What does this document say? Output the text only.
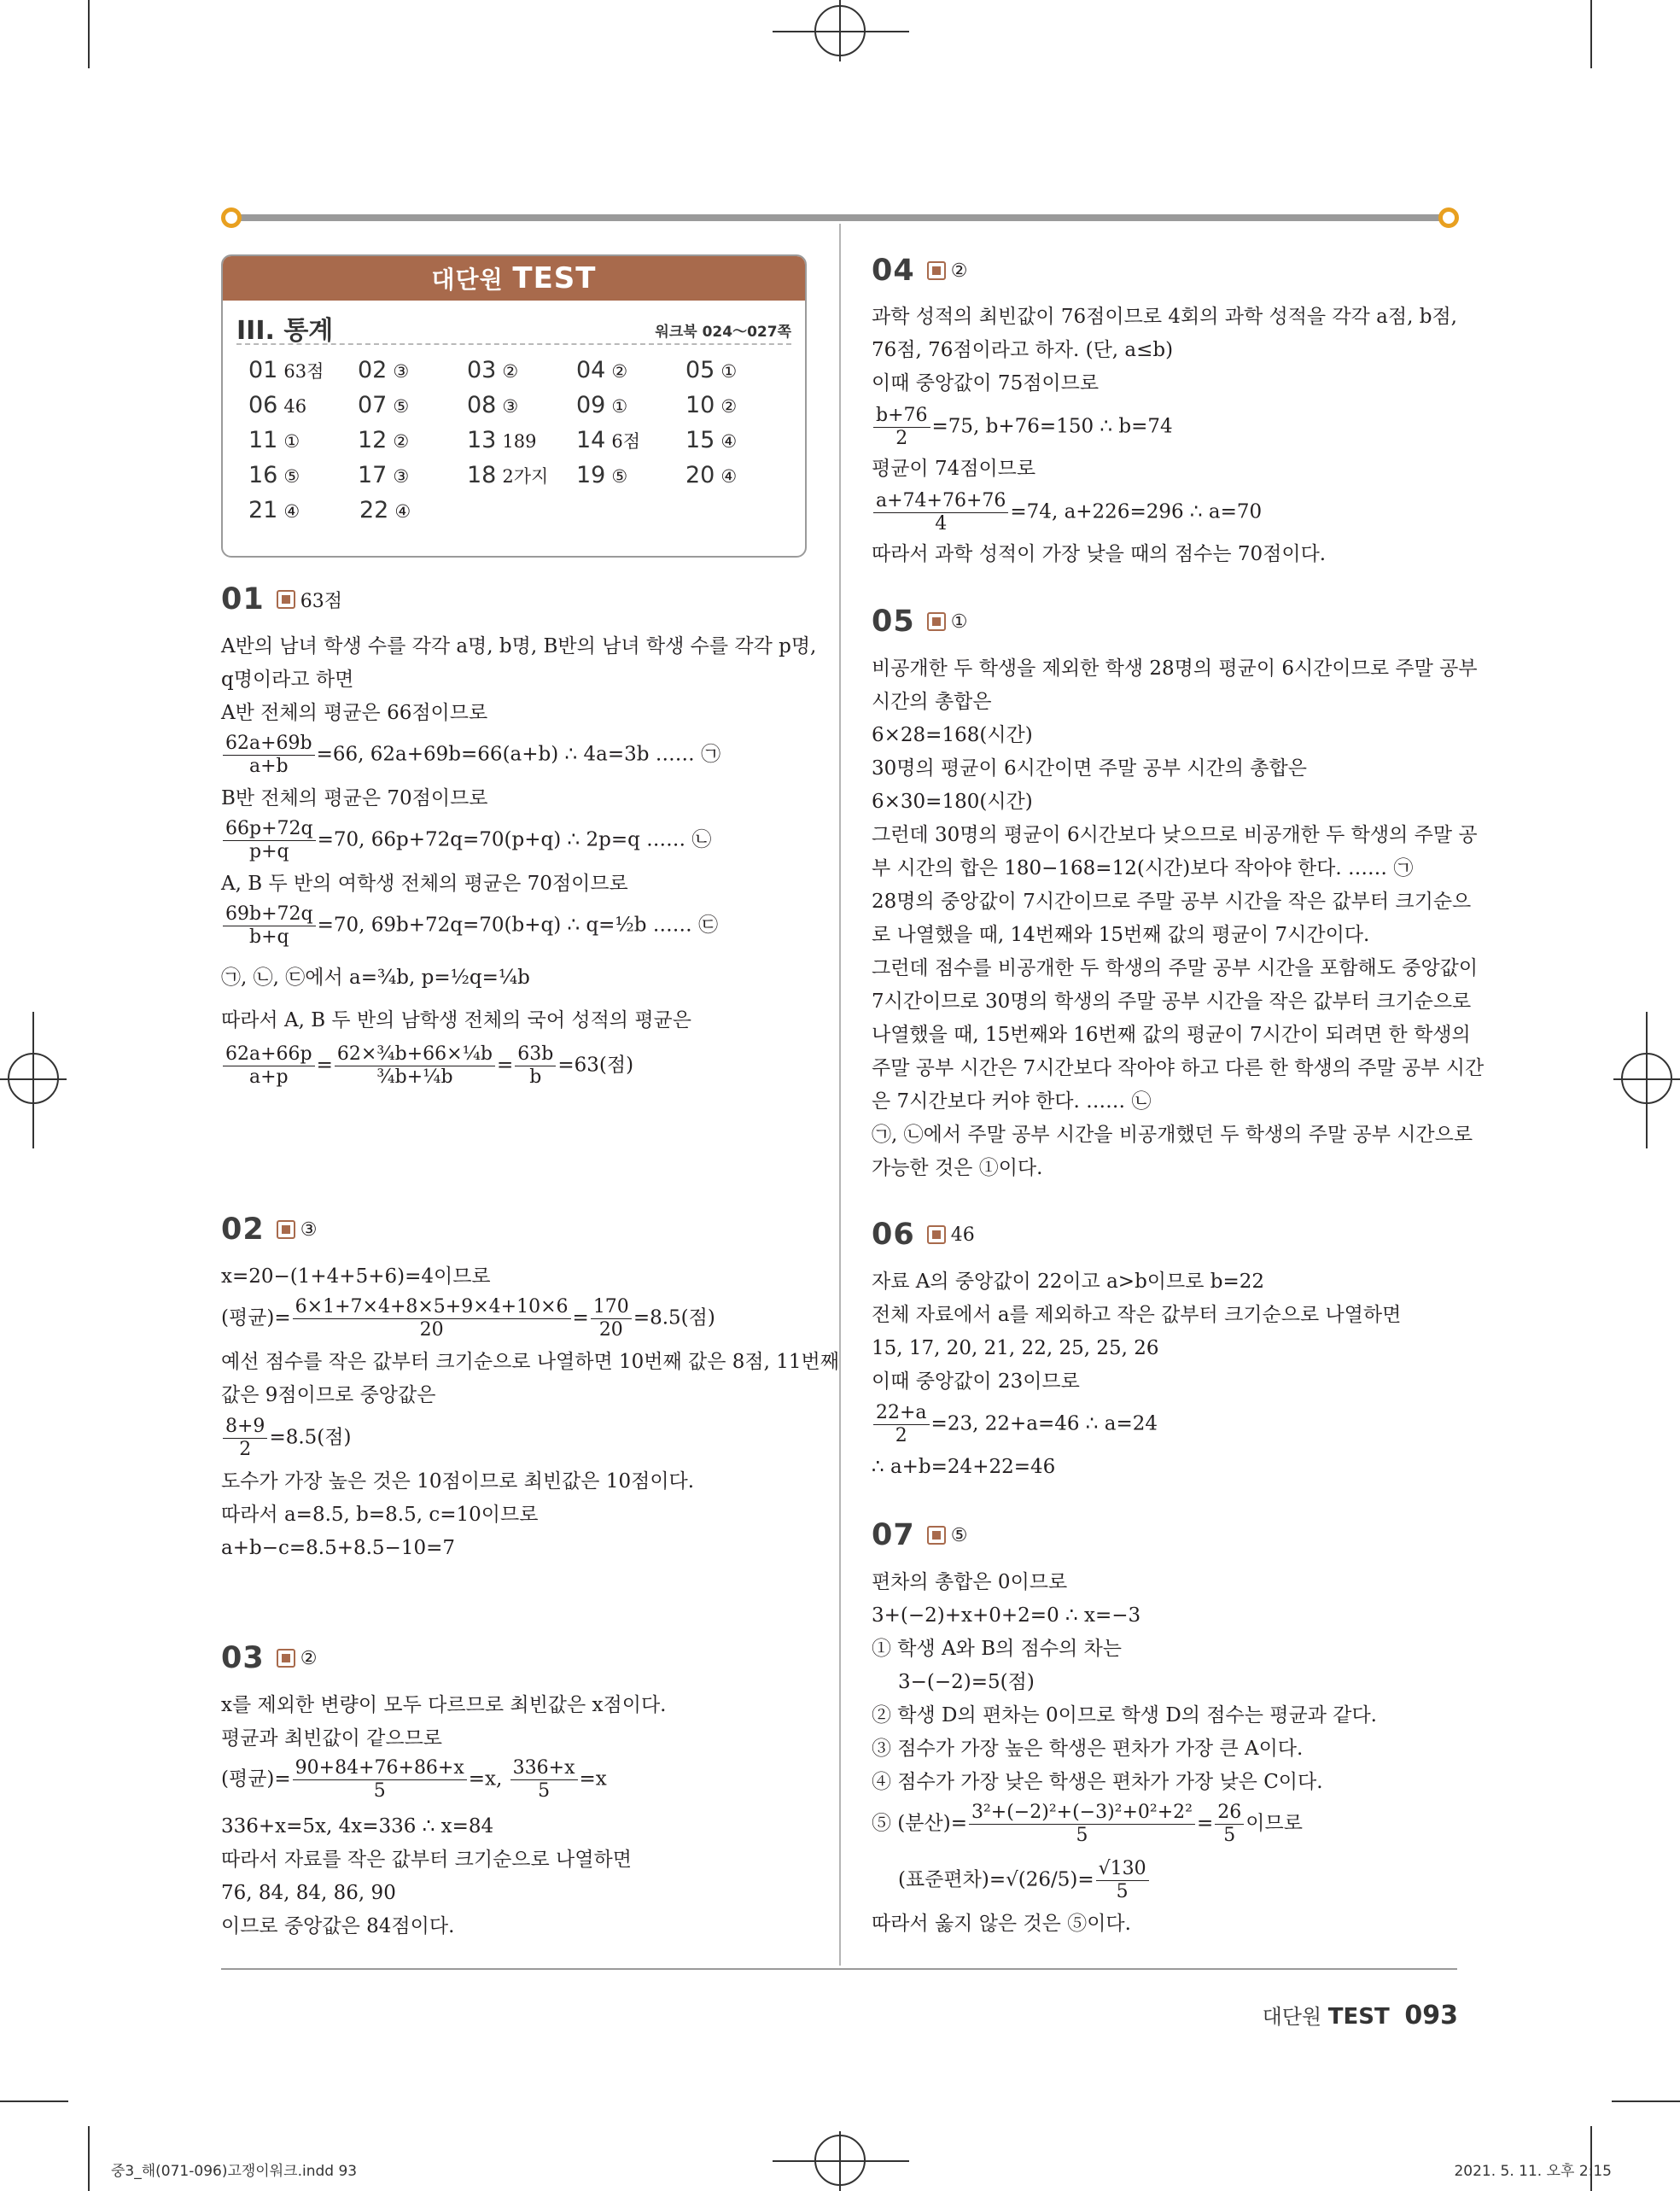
대단원 TEST
III. 통계	워크북 024～027쪽
01 63점	02 ③	03 ②	04 ②	05 ①
06 46	07 ⑤	08 ③	09 ①	10 ②
11 ①	12 ②	13 189	14 6점	15 ④
16 ⑤	17 ③	18 2가지	19 ⑤	20 ④
21 ④	22 ④
01 63점
A반의 남녀 학생 수를 각각 a명, b명, B반의 남녀 학생 수를 각각 p명,
q명이라고 하면
A반 전체의 평균은 66점이므로
$\frac{62a+69b}{a+b} =66$, 62a+69b=66(a+b) ∴ 4a=3b …… ㉠
B반 전체의 평균은 70점이므로
$\frac{66p+72q}{p+q} =70$, 66p+72q=70(p+q) ∴ 2p=q …… ㉡
A, B 두 반의 여학생 전체의 평균은 70점이므로
$\frac{69b+72q}{b+q} =70$, 69b+72q=70(b+q) ∴ q=½b …… ㉢
㉠, ㉡, ㉢에서 a=¾b, p=½q=¼b
따라서 A, B 두 반의 남학생 전체의 국어 성적의 평균은
$\frac{62a+66p}{a+p} = \frac{\text{62×¾b+66×¼b}}{\text{¾b+¼b}} = \frac{63b}{b} =63$(점)
02 ③
x=20−(1+4+5+6)=4이므로
(평균)= $\frac{6\times 1+7\times 4+8\times 5+9\times 4+10\times 6}{20} = \frac{170}{20} =8.5$(점)
예선 점수를 작은 값부터 크기순으로 나열하면 10번째 값은 8점, 11번째
값은 9점이므로 중앙값은
$\frac{8+9}{2} =8.5$(점)
도수가 가장 높은 것은 10점이므로 최빈값은 10점이다.
따라서 a=8.5, b=8.5, c=10이므로
a+b−c=8.5+8.5−10=7
03 ②
x를 제외한 변량이 모두 다르므로 최빈값은 x점이다.
평균과 최빈값이 같으므로
(평균)= $\frac{90+84+76+86+x}{5} =x$, $\frac{336+x}{5} =x$
336+x=5x, 4x=336 ∴ x=84
따라서 자료를 작은 값부터 크기순으로 나열하면
76, 84, 84, 86, 90
이므로 중앙값은 84점이다.
04 ②
과학 성적의 최빈값이 76점이므로 4회의 과학 성적을 각각 a점, b점,
76점, 76점이라고 하자. (단, a≤b)
이때 중앙값이 75점이므로
$\frac{b+76}{2} =75$, b+76=150 ∴ b=74
평균이 74점이므로
$\frac{a+74+76+76}{4} =74$, a+226=296 ∴ a=70
따라서 과학 성적이 가장 낮을 때의 점수는 70점이다.
05 ①
비공개한 두 학생을 제외한 학생 28명의 평균이 6시간이므로 주말 공부
시간의 총합은
6×28=168(시간)
30명의 평균이 6시간이면 주말 공부 시간의 총합은
6×30=180(시간)
그런데 30명의 평균이 6시간보다 낮으므로 비공개한 두 학생의 주말 공
부 시간의 합은 180−168=12(시간)보다 작아야 한다. …… ㉠
28명의 중앙값이 7시간이므로 주말 공부 시간을 작은 값부터 크기순으
로 나열했을 때, 14번째와 15번째 값의 평균이 7시간이다.
그런데 점수를 비공개한 두 학생의 주말 공부 시간을 포함해도 중앙값이
7시간이므로 30명의 학생의 주말 공부 시간을 작은 값부터 크기순으로
나열했을 때, 15번째와 16번째 값의 평균이 7시간이 되려면 한 학생의
주말 공부 시간은 7시간보다 작아야 하고 다른 한 학생의 주말 공부 시간
은 7시간보다 커야 한다. …… ㉡
㉠, ㉡에서 주말 공부 시간을 비공개했던 두 학생의 주말 공부 시간으로
가능한 것은 ①이다.
06 46
자료 A의 중앙값이 22이고 a>b이므로 b=22
전체 자료에서 a를 제외하고 작은 값부터 크기순으로 나열하면
15, 17, 20, 21, 22, 25, 25, 26
이때 중앙값이 23이므로
$\frac{22+a}{2} =23$, 22+a=46 ∴ a=24
∴ a+b=24+22=46
07 ⑤
편차의 총합은 0이므로
3+(−2)+x+0+2=0 ∴ x=−3
① 학생 A와 B의 점수의 차는
3−(−2)=5(점)
② 학생 D의 편차는 0이므로 학생 D의 점수는 평균과 같다.
③ 점수가 가장 높은 학생은 편차가 가장 큰 A이다.
④ 점수가 가장 낮은 학생은 편차가 가장 낮은 C이다.
⑤ (분산)= $\frac{\text{3²+(−2)²+(−3)²+0²+2²}}{5} = \frac{26}{5}$ 이므로
(표준편차)$=√(26/5)= \frac{√130}{5}$
따라서 옳지 않은 것은 ⑤이다.
대단원 TEST 093
중3_해(071-096)고쟁이워크.indd 93	2021. 5. 11. 오후 2:15
